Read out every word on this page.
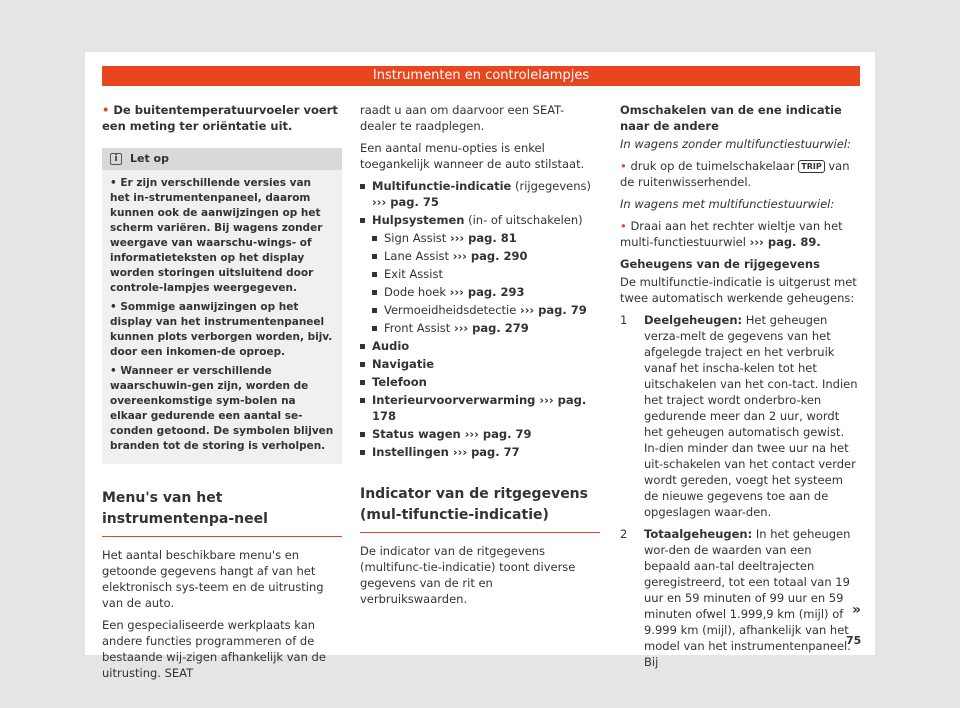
Instrumenten en controlelampjes

• De buitentemperatuurvoeler voert een meting ter oriëntatie uit.

i Let op

• Er zijn verschillende versies van het in-strumentenpaneel, daarom kunnen ook de aanwijzingen op het scherm variëren. Bij wagens zonder weergave van waarschu-wings- of informatieteksten op het display worden storingen uitsluitend door controle-lampjes weergegeven.

• Sommige aanwijzingen op het display van het instrumentenpaneel kunnen plots verborgen worden, bijv. door een inkomen-de oproep.

• Wanneer er verschillende waarschuwin-gen zijn, worden de overeenkomstige sym-bolen na elkaar gedurende een aantal se-conden getoond. De symbolen blijven branden tot de storing is verholpen.

Menu's van het instrumentenpa-neel

Het aantal beschikbare menu's en getoonde gegevens hangt af van het elektronisch sys-teem en de uitrusting van de auto.

Een gespecialiseerde werkplaats kan andere functies programmeren of de bestaande wij-zigen afhankelijk van de uitrusting. SEAT

raadt u aan om daarvoor een SEAT-dealer te raadplegen.

Een aantal menu-opties is enkel toegankelijk wanneer de auto stilstaat.

Multifunctie-indicatie (rijgegevens)
››› pag. 75
Hulpsystemen (in- of uitschakelen)
Sign Assist ››› pag. 81
Lane Assist ››› pag. 290
Exit Assist
Dode hoek ››› pag. 293
Vermoeidheidsdetectie ››› pag. 79
Front Assist ››› pag. 279
Audio
Navigatie
Telefoon
Interieurvoorverwarming ››› pag. 178
Status wagen ››› pag. 79
Instellingen ››› pag. 77
Indicator van de ritgegevens (mul-tifunctie-indicatie)

De indicator van de ritgegevens (multifunc-tie-indicatie) toont diverse gegevens van de rit en verbruikswaarden.

Omschakelen van de ene indicatie naar de andere

In wagens zonder multifunctiestuurwiel:

• druk op de tuimelschakelaar TRIP van de ruitenwisserhendel.

In wagens met multifunctiestuurwiel:

• Draai aan het rechter wieltje van het multi-functiestuurwiel ››› pag. 89.

Geheugens van de rijgegevens

De multifunctie-indicatie is uitgerust met twee automatisch werkende geheugens:

1 Deelgeheugen: Het geheugen verza-melt de gegevens van het afgelegde traject en het verbruik vanaf het inscha-kelen tot het uitschakelen van het con-tact. Indien het traject wordt onderbro-ken gedurende meer dan 2 uur, wordt het geheugen automatisch gewist. In-dien minder dan twee uur na het uit-schakelen van het contact verder wordt gereden, voegt het systeem de nieuwe gegevens toe aan de opgeslagen waar-den.
2 Totaalgeheugen: In het geheugen wor-den de waarden van een bepaald aan-tal deeltrajecten geregistreerd, tot een totaal van 19 uur en 59 minuten of 99 uur en 59 minuten ofwel 1.999,9 km (mijl) of 9.999 km (mijl), afhankelijk van het model van het instrumentenpaneel. Bij
»
75
